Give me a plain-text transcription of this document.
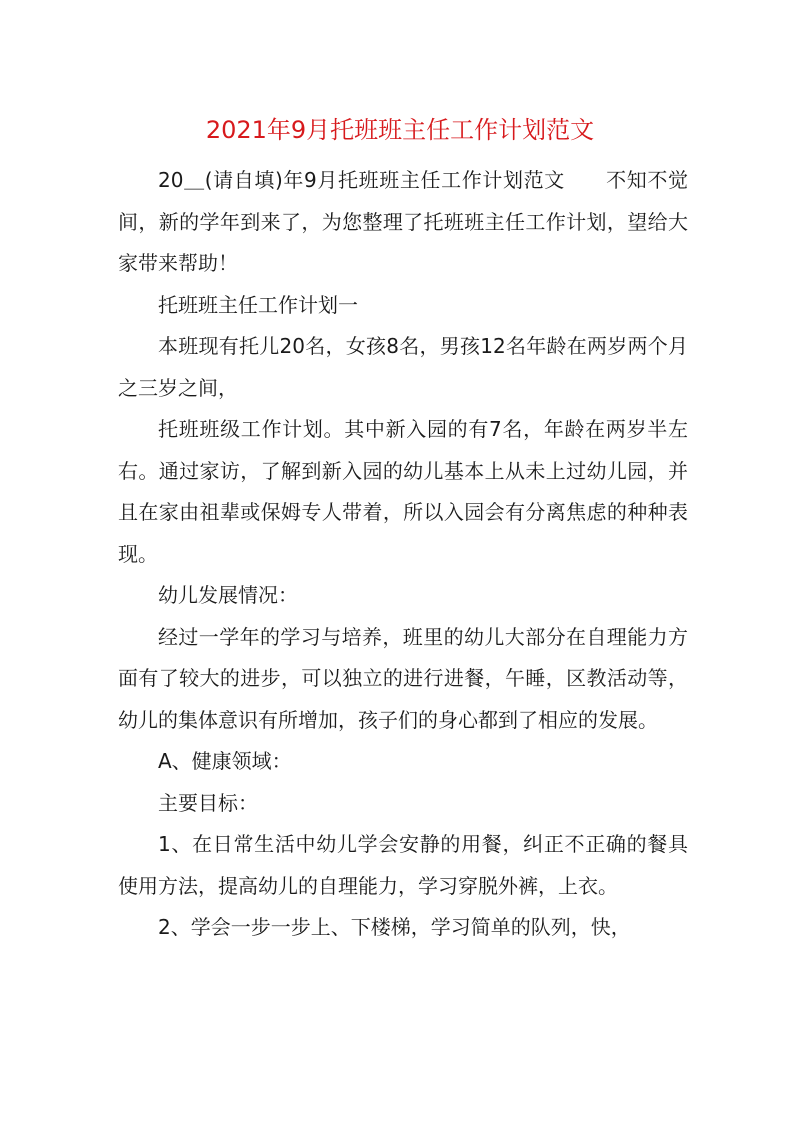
2021年9月托班班主任工作计划范文

20＿(请自填)年9月托班班主任工作计划范文　　不知不觉间，新的学年到来了，为您整理了托班班主任工作计划，望给大家带来帮助！

托班班主任工作计划一

本班现有托儿20名，女孩8名，男孩12名年龄在两岁两个月之三岁之间，

托班班级工作计划。其中新入园的有7名，年龄在两岁半左右。通过家访，了解到新入园的幼儿基本上从未上过幼儿园，并且在家由祖辈或保姆专人带着，所以入园会有分离焦虑的种种表现。

幼儿发展情况：

经过一学年的学习与培养，班里的幼儿大部分在自理能力方面有了较大的进步，可以独立的进行进餐，午睡，区教活动等，幼儿的集体意识有所增加，孩子们的身心都到了相应的发展。

A、健康领域：

主要目标：

1、在日常生活中幼儿学会安静的用餐，纠正不正确的餐具使用方法，提高幼儿的自理能力，学习穿脱外裤，上衣。

2、学会一步一步上、下楼梯，学习简单的队列，快，
